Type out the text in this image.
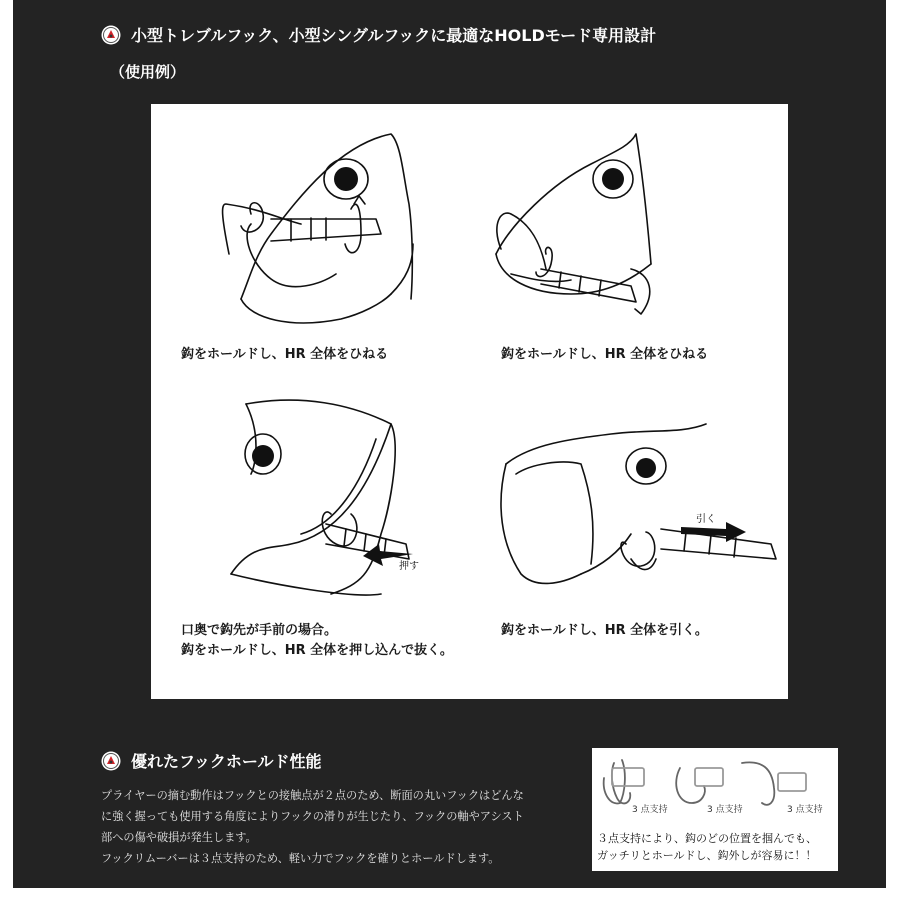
小型トレブルフック、小型シングルフックに最適なHOLDモード専用設計
（使用例）
押す
引く
鈎をホールドし、HR 全体をひねる	鈎をホールドし、HR 全体をひねる
口奥で鈎先が手前の場合。
鈎をホールドし、HR 全体を押し込んで抜く。
鈎をホールドし、HR 全体を引く。
優れたフックホールド性能
プライヤーの摘む動作はフックとの接触点が２点のため、断面の丸いフックはどんな
に強く握っても使用する角度によりフックの滑りが生じたり、フックの軸やアシスト
部への傷や破損が発生します。
フックリムーバーは３点支持のため、軽い力でフックを確りとホールドします。
3 点支持	3 点支持	3 点支持
３点支持により、鈎のどの位置を掴んでも、
ガッチリとホールドし、鈎外しが容易に！！
